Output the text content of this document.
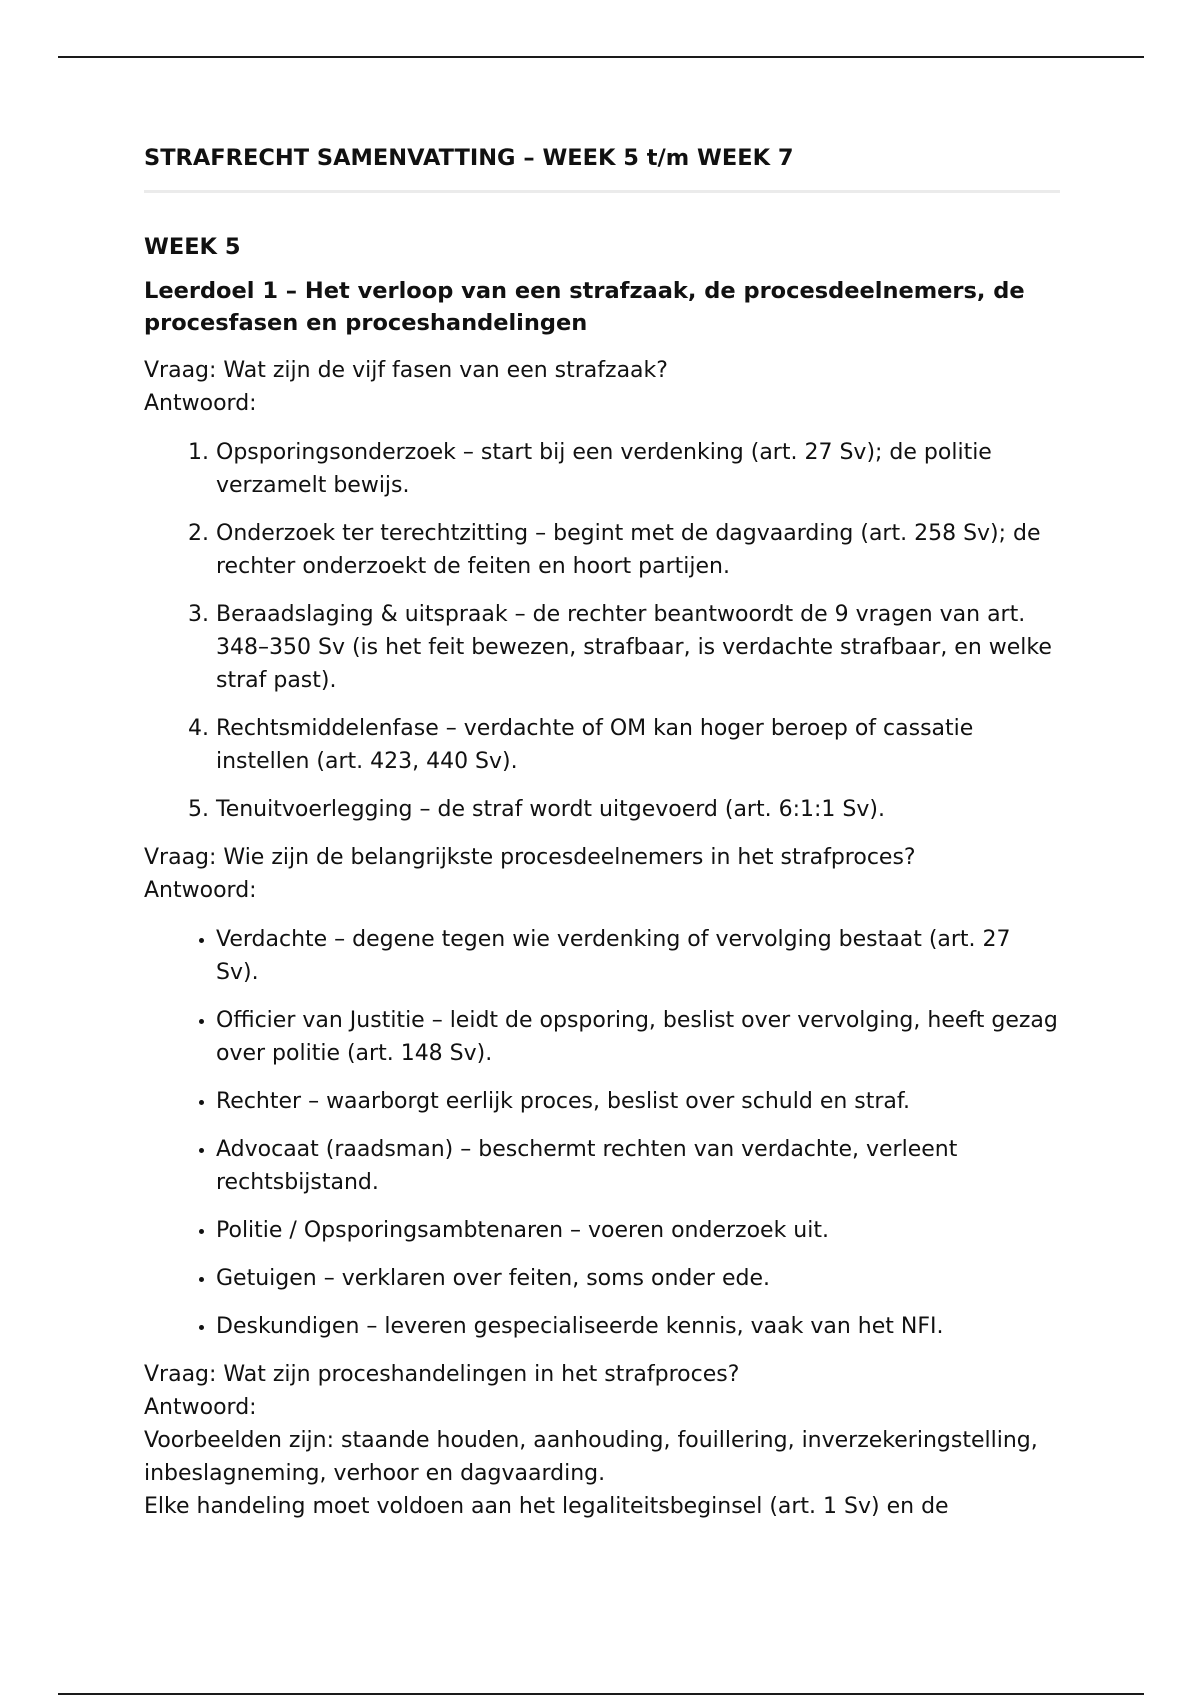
STRAFRECHT SAMENVATTING – WEEK 5 t/m WEEK 7
WEEK 5
Leerdoel 1 – Het verloop van een strafzaak, de procesdeelnemers, de procesfasen en proceshandelingen
Vraag: Wat zijn de vijf fasen van een strafzaak?
Antwoord:
1. Opsporingsonderzoek – start bij een verdenking (art. 27 Sv); de politie verzamelt bewijs.
2. Onderzoek ter terechtzitting – begint met de dagvaarding (art. 258 Sv); de rechter onderzoekt de feiten en hoort partijen.
3. Beraadslaging & uitspraak – de rechter beantwoordt de 9 vragen van art. 348–350 Sv (is het feit bewezen, strafbaar, is verdachte strafbaar, en welke straf past).
4. Rechtsmiddelenfase – verdachte of OM kan hoger beroep of cassatie instellen (art. 423, 440 Sv).
5. Tenuitvoerlegging – de straf wordt uitgevoerd (art. 6:1:1 Sv).
Vraag: Wie zijn de belangrijkste procesdeelnemers in het strafproces?
Antwoord:
• Verdachte – degene tegen wie verdenking of vervolging bestaat (art. 27 Sv).
• Officier van Justitie – leidt de opsporing, beslist over vervolging, heeft gezag over politie (art. 148 Sv).
• Rechter – waarborgt eerlijk proces, beslist over schuld en straf.
• Advocaat (raadsman) – beschermt rechten van verdachte, verleent rechtsbijstand.
• Politie / Opsporingsambtenaren – voeren onderzoek uit.
• Getuigen – verklaren over feiten, soms onder ede.
• Deskundigen – leveren gespecialiseerde kennis, vaak van het NFI.
Vraag: Wat zijn proceshandelingen in het strafproces?
Antwoord:
Voorbeelden zijn: staande houden, aanhouding, fouillering, inverzekeringstelling, inbeslagneming, verhoor en dagvaarding.
Elke handeling moet voldoen aan het legaliteitsbeginsel (art. 1 Sv) en de
